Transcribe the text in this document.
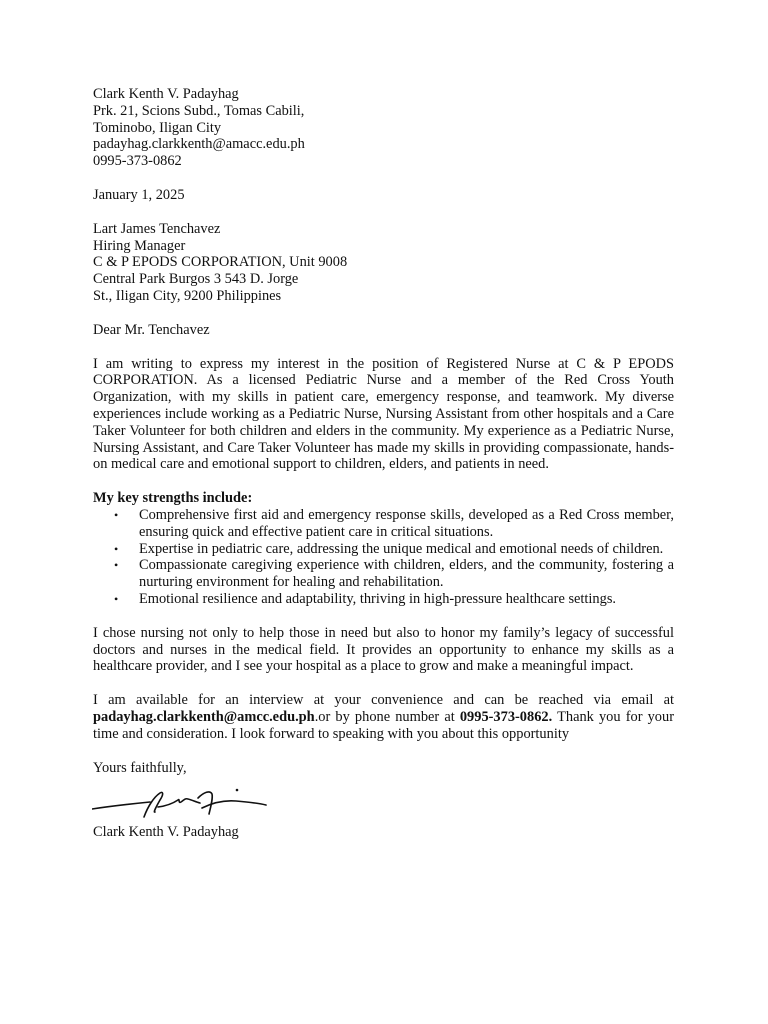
Clark Kenth V. Padayhag
Prk. 21, Scions Subd., Tomas Cabili,
Tominobo, Iligan City
padayhag.clarkkenth@amacc.edu.ph
0995-373-0862
January 1, 2025
Lart James Tenchavez
Hiring Manager
C & P EPODS CORPORATION, Unit 9008
Central Park Burgos 3 543 D. Jorge
St., Iligan City, 9200 Philippines

Dear Mr. Tenchavez

I am writing to express my interest in the position of Registered Nurse at C & P EPODS CORPORATION. As a licensed Pediatric Nurse and a member of the Red Cross Youth Organization, with my skills in patient care, emergency response, and teamwork. My diverse experiences include working as a Pediatric Nurse, Nursing Assistant from other hospitals and a Care Taker Volunteer for both children and elders in the community. My experience as a Pediatric Nurse, Nursing Assistant, and Care Taker Volunteer has made my skills in providing compassionate, hands-on medical care and emotional support to children, elders, and patients in need.

My key strengths include:

• Comprehensive first aid and emergency response skills, developed as a Red Cross member, ensuring quick and effective patient care in critical situations.
• Expertise in pediatric care, addressing the unique medical and emotional needs of children.
• Compassionate caregiving experience with children, elders, and the community, fostering a nurturing environment for healing and rehabilitation.
• Emotional resilience and adaptability, thriving in high-pressure healthcare settings.

I chose nursing not only to help those in need but also to honor my family’s legacy of successful doctors and nurses in the medical field. It provides an opportunity to enhance my skills as a healthcare provider, and I see your hospital as a place to grow and make a meaningful impact.

I am available for an interview at your convenience and can be reached via email at padayhag.clarkkenth@amcc.edu.ph.or by phone number at 0995-373-0862. Thank you for your time and consideration. I look forward to speaking with you about this opportunity

Yours faithfully,

Clark Kenth V. Padayhag
